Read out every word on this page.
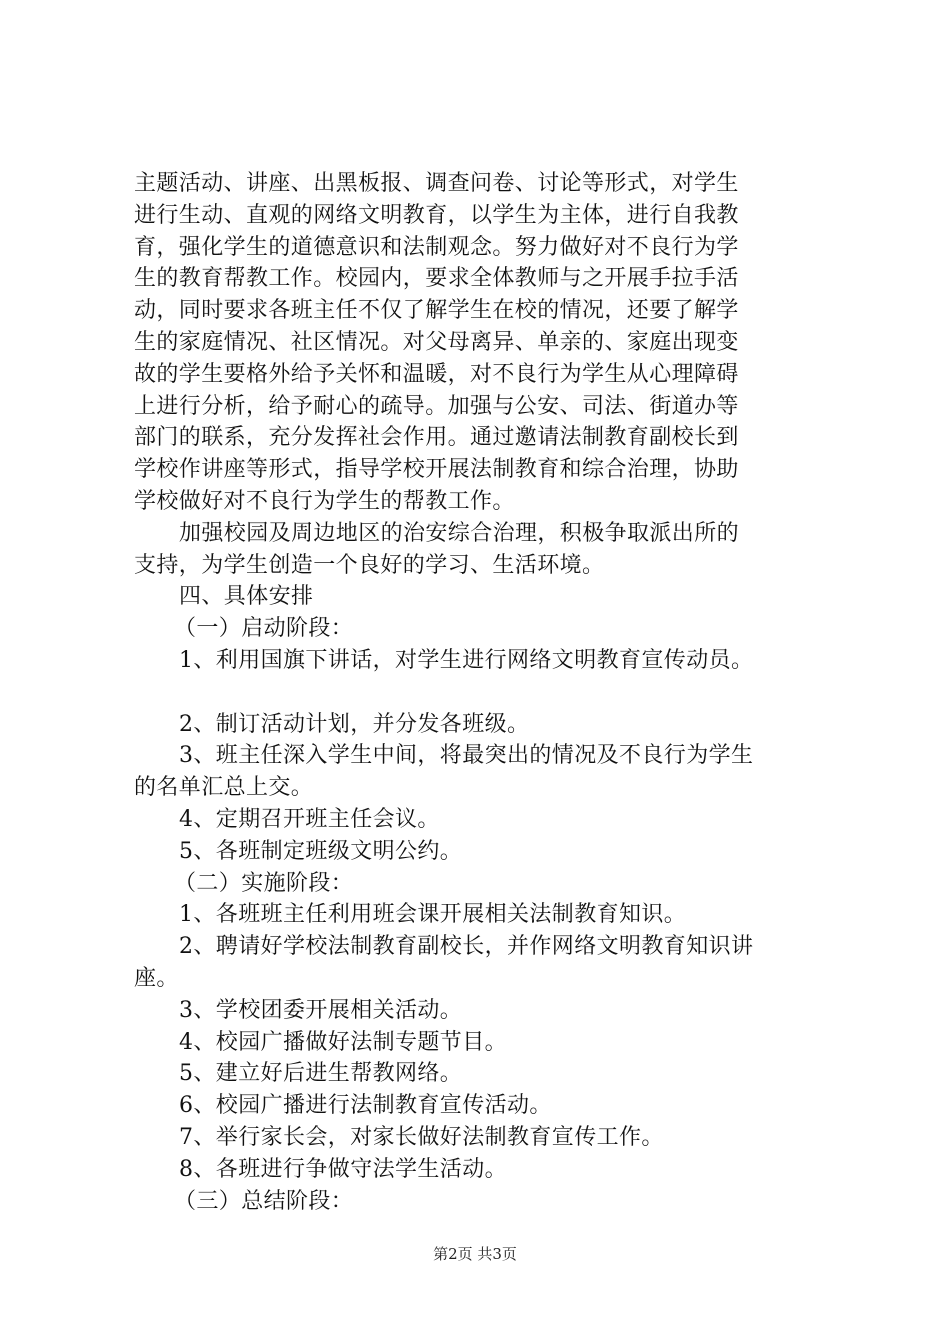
主题活动、讲座、出黑板报、调查问卷、讨论等形式，对学生
进行生动、直观的网络文明教育，以学生为主体，进行自我教
育，强化学生的道德意识和法制观念。努力做好对不良行为学
生的教育帮教工作。校园内，要求全体教师与之开展手拉手活
动，同时要求各班主任不仅了解学生在校的情况，还要了解学
生的家庭情况、社区情况。对父母离异、单亲的、家庭出现变
故的学生要格外给予关怀和温暖，对不良行为学生从心理障碍
上进行分析，给予耐心的疏导。加强与公安、司法、街道办等
部门的联系，充分发挥社会作用。通过邀请法制教育副校长到
学校作讲座等形式，指导学校开展法制教育和综合治理，协助
学校做好对不良行为学生的帮教工作。
加强校园及周边地区的治安综合治理，积极争取派出所的
支持，为学生创造一个良好的学习、生活环境。
四、具体安排
（一）启动阶段：
1、利用国旗下讲话，对学生进行网络文明教育宣传动员。
2、制订活动计划，并分发各班级。
3、班主任深入学生中间，将最突出的情况及不良行为学生
的名单汇总上交。
4、定期召开班主任会议。
5、各班制定班级文明公约。
（二）实施阶段：
1、各班班主任利用班会课开展相关法制教育知识。
2、聘请好学校法制教育副校长，并作网络文明教育知识讲
座。
3、学校团委开展相关活动。
4、校园广播做好法制专题节目。
5、建立好后进生帮教网络。
6、校园广播进行法制教育宣传活动。
7、举行家长会，对家长做好法制教育宣传工作。
8、各班进行争做守法学生活动。
（三）总结阶段：
第2页 共3页
